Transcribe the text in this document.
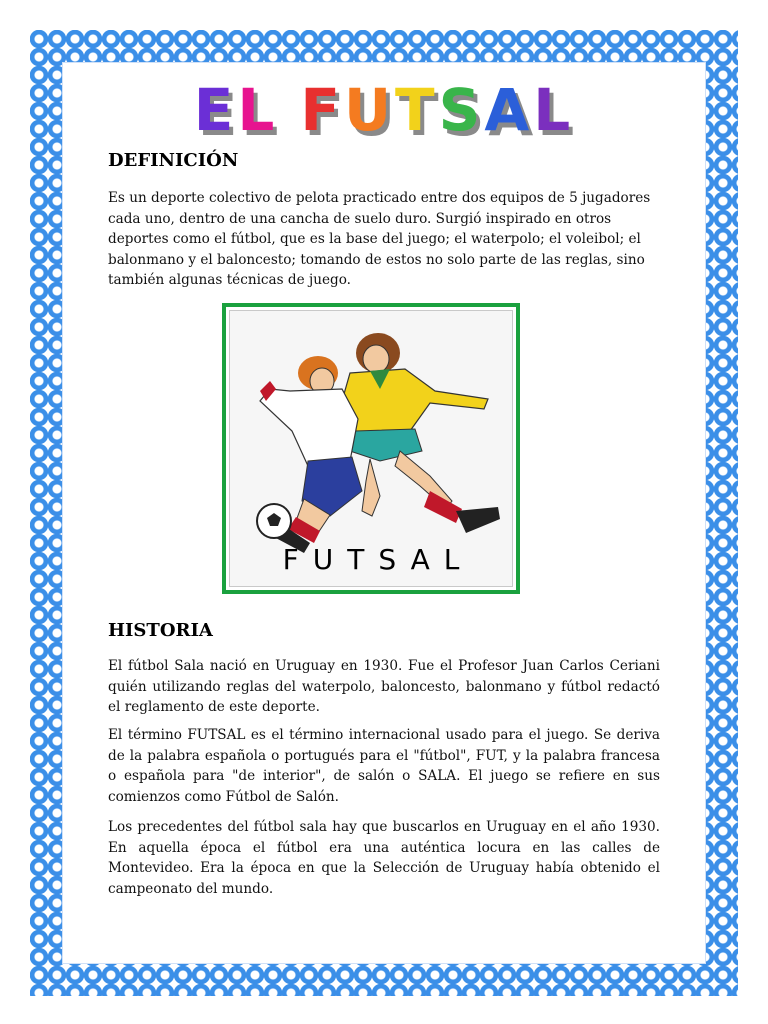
EL FUTSAL
DEFINICIÓN
Es un deporte colectivo de pelota practicado entre dos equipos de 5 jugadores cada uno, dentro de una cancha de suelo duro. Surgió inspirado en otros deportes como el fútbol, que es la base del juego; el waterpolo; el voleibol; el balonmano y el baloncesto; tomando de estos no solo parte de las reglas, sino también algunas técnicas de juego.
FUTSAL
HISTORIA
El fútbol Sala nació en Uruguay en 1930. Fue el Profesor Juan Carlos Ceriani quién utilizando reglas del waterpolo, baloncesto, balonmano y fútbol redactó el reglamento de este deporte.
El término FUTSAL es el término internacional usado para el juego. Se deriva de la palabra española o portugués para el "fútbol", FUT, y la palabra francesa o española para "de interior", de salón o SALA. El juego se refiere en sus comienzos como Fútbol de Salón.
Los precedentes del fútbol sala hay que buscarlos en Uruguay en el año 1930. En aquella época el fútbol era una auténtica locura en las calles de Montevideo. Era la época en que la Selección de Uruguay había obtenido el campeonato del mundo.
